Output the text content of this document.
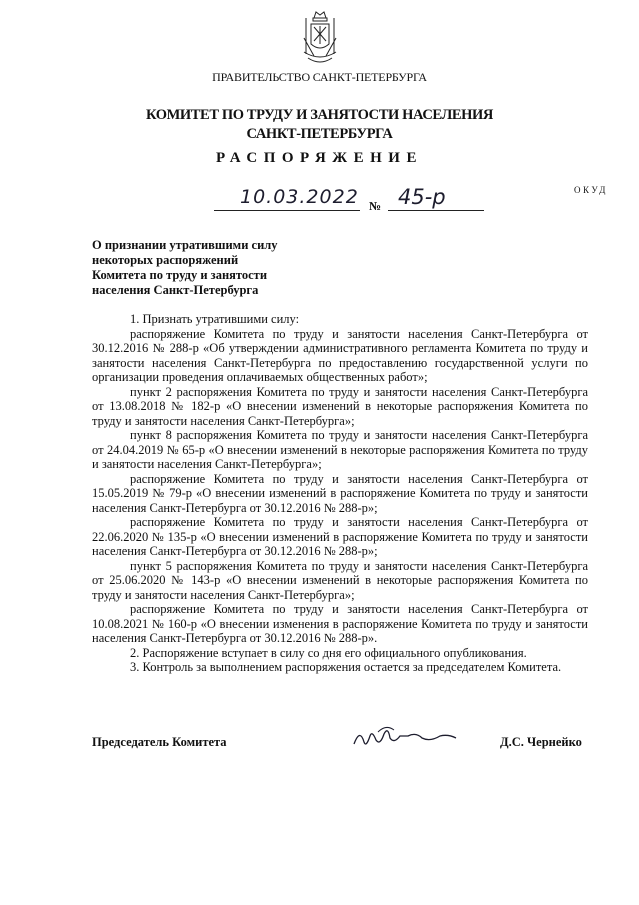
ПРАВИТЕЛЬСТВО САНКТ-ПЕТЕРБУРГА
КОМИТЕТ ПО ТРУДУ И ЗАНЯТОСТИ НАСЕЛЕНИЯ
САНКТ-ПЕТЕРБУРГА
РАСПОРЯЖЕНИЕ
ОКУД
10.03.2022 № 45-р
О признании утратившими силу
некоторых распоряжений
Комитета по труду и занятости
населения Санкт-Петербурга

1. Признать утратившими силу:

распоряжение Комитета по труду и занятости населения Санкт-Петербурга от 30.12.2016 № 288-р «Об утверждении административного регламента Комитета по труду и занятости населения Санкт-Петербурга по предоставлению государственной услуги по организации проведения оплачиваемых общественных работ»;

пункт 2 распоряжения Комитета по труду и занятости населения Санкт-Петербурга от 13.08.2018 № 182-р «О внесении изменений в некоторые распоряжения Комитета по труду и занятости населения Санкт-Петербурга»;

пункт 8 распоряжения Комитета по труду и занятости населения Санкт-Петербурга от 24.04.2019 № 65-р «О внесении изменений в некоторые распоряжения Комитета по труду и занятости населения Санкт-Петербурга»;

распоряжение Комитета по труду и занятости населения Санкт-Петербурга от 15.05.2019 № 79-р «О внесении изменений в распоряжение Комитета по труду и занятости населения Санкт-Петербурга от 30.12.2016 № 288-р»;

распоряжение Комитета по труду и занятости населения Санкт-Петербурга от 22.06.2020 № 135-р «О внесении изменений в распоряжение Комитета по труду и занятости населения Санкт-Петербурга от 30.12.2016 № 288-р»;

пункт 5 распоряжения Комитета по труду и занятости населения Санкт-Петербурга от 25.06.2020 № 143-р «О внесении изменений в некоторые распоряжения Комитета по труду и занятости населения Санкт-Петербурга»;

распоряжение Комитета по труду и занятости населения Санкт-Петербурга от 10.08.2021 № 160-р «О внесении изменения в распоряжение Комитета по труду и занятости населения Санкт-Петербурга от 30.12.2016 № 288-р».

2. Распоряжение вступает в силу со дня его официального опубликования.

3. Контроль за выполнением распоряжения остается за председателем Комитета.

Председатель Комитета	Д.С. Чернейко
